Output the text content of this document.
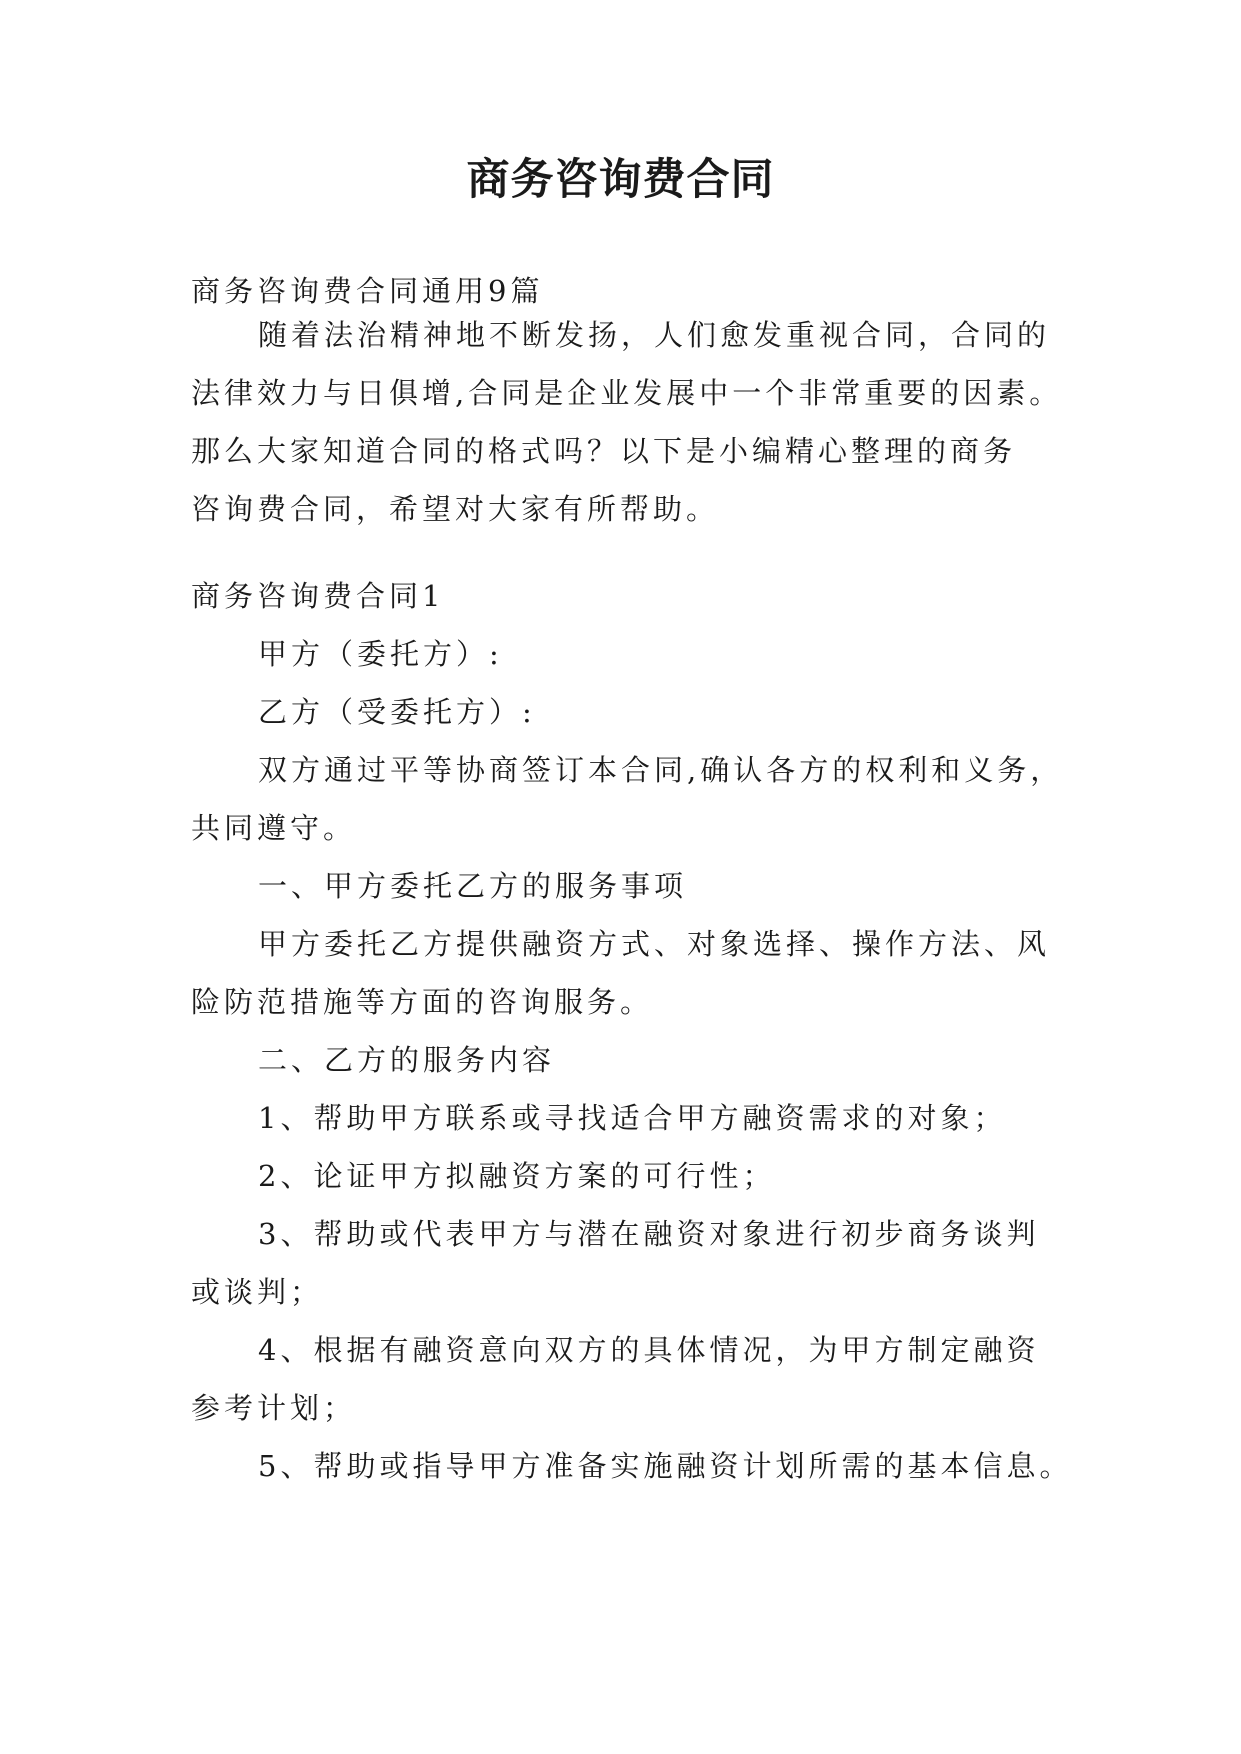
商务咨询费合同
商务咨询费合同通用9篇
随着法治精神地不断发扬，人们愈发重视合同，合同的
法律效力与日俱增,合同是企业发展中一个非常重要的因素。
那么大家知道合同的格式吗？以下是小编精心整理的商务
咨询费合同，希望对大家有所帮助。
商务咨询费合同1
甲方（委托方）:
乙方（受委托方）:
双方通过平等协商签订本合同,确认各方的权利和义务，
共同遵守。
一、甲方委托乙方的服务事项
甲方委托乙方提供融资方式、对象选择、操作方法、风
险防范措施等方面的咨询服务。
二、乙方的服务内容
1、帮助甲方联系或寻找适合甲方融资需求的对象；
2、论证甲方拟融资方案的可行性；
3、帮助或代表甲方与潜在融资对象进行初步商务谈判
或谈判；
4、根据有融资意向双方的具体情况，为甲方制定融资
参考计划；
5、帮助或指导甲方准备实施融资计划所需的基本信息。
